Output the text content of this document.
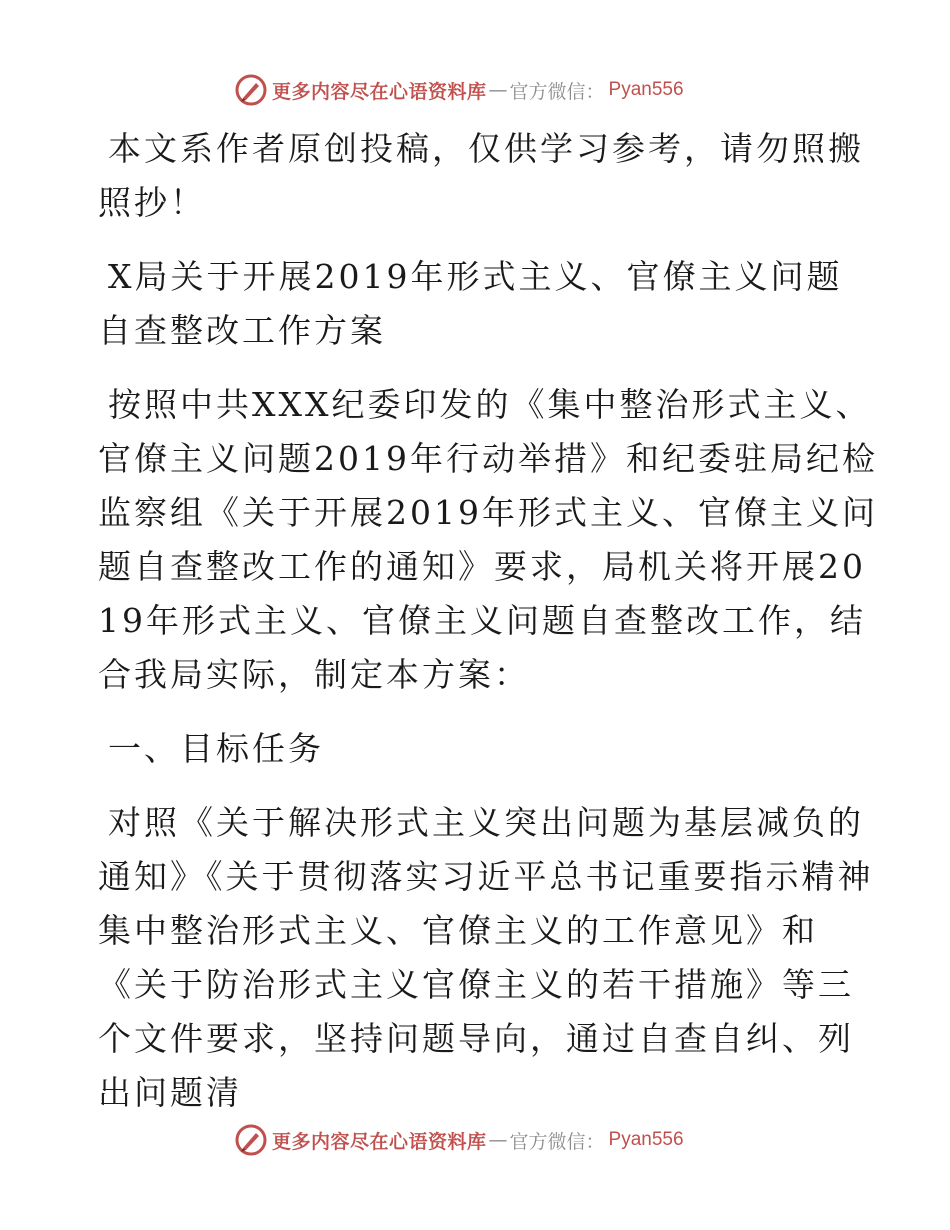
更多内容尽在心语资料库 — 官方微信： Pyan556

本文系作者原创投稿，仅供学习参考，请勿照搬照抄！

X局关于开展2019年形式主义、官僚主义问题自查整改工作方案

按照中共XXX纪委印发的《集中整治形式主义、官僚主义问题2019年行动举措》和纪委驻局纪检监察组《关于开展2019年形式主义、官僚主义问题自查整改工作的通知》要求，局机关将开展2019年形式主义、官僚主义问题自查整改工作，结合我局实际，制定本方案：

一、目标任务

对照《关于解决形式主义突出问题为基层减负的通知》《关于贯彻落实习近平总书记重要指示精神集中整治形式主义、官僚主义的工作意见》和《关于防治形式主义官僚主义的若干措施》等三个文件要求，坚持问题导向，通过自查自纠、列出问题清

更多内容尽在心语资料库 — 官方微信： Pyan556
